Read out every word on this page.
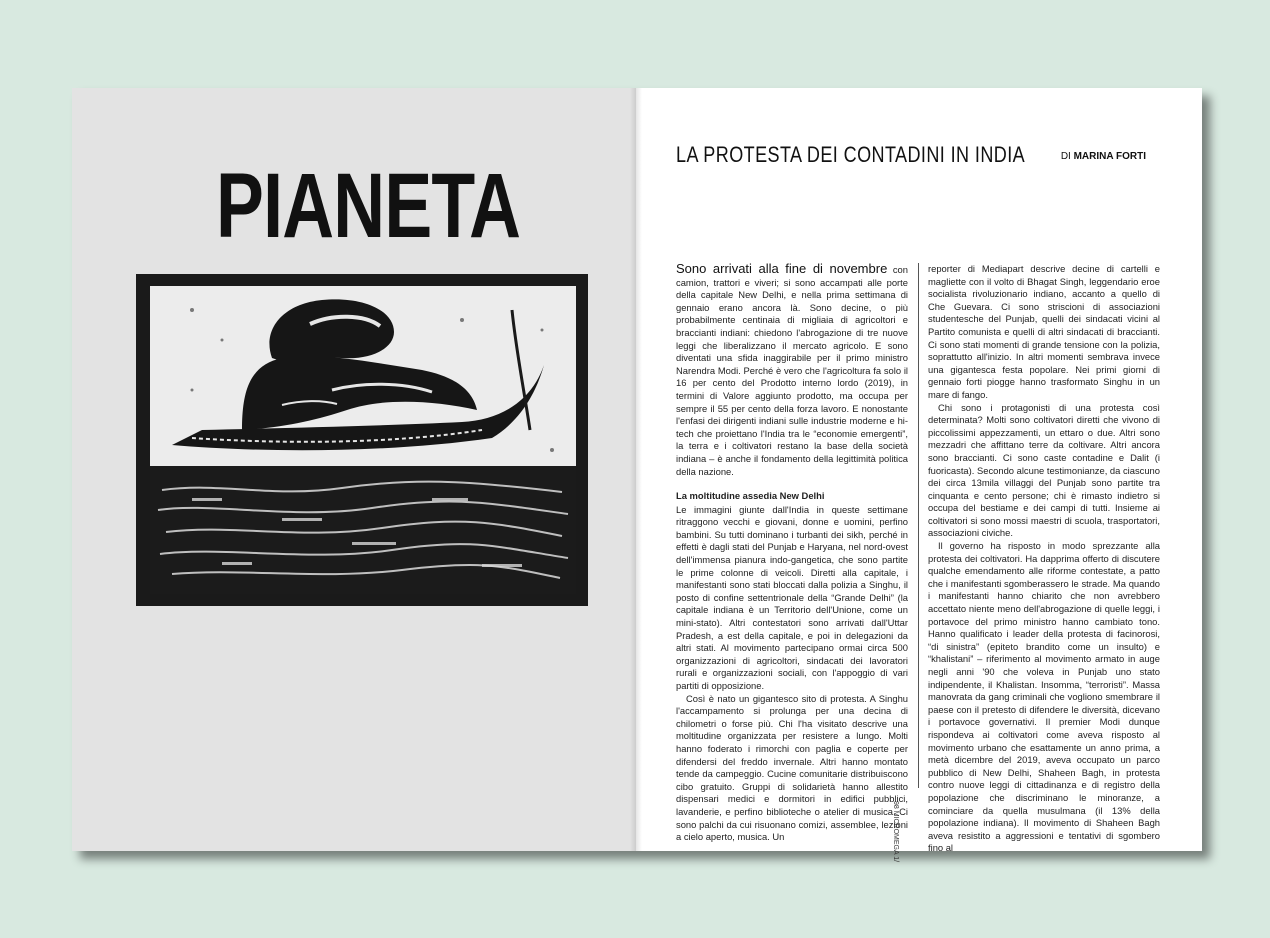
PIANETA
LA PROTESTA DEI CONTADINI IN INDIA	DI MARINA FORTI

Sono arrivati alla fine di novembre con camion, trattori e viveri; si sono accampati alle porte della capitale New Delhi, e nella prima settimana di gennaio erano ancora là. Sono decine, o più probabilmente centinaia di migliaia di agricoltori e braccianti indiani: chiedono l'abrogazione di tre nuove leggi che liberalizzano il mercato agricolo. E sono diventati una sfida inaggirabile per il primo ministro Narendra Modi. Perché è vero che l'agricoltura fa solo il 16 per cento del Prodotto interno lordo (2019), in termini di Valore aggiunto prodotto, ma occupa per sempre il 55 per cento della forza lavoro. E nonostante l'enfasi dei dirigenti indiani sulle industrie moderne e hi-tech che proiettano l'India tra le “economie emergenti”, la terra e i coltivatori restano la base della società indiana – è anche il fondamento della legittimità politica della nazione.

La moltitudine assedia New Delhi

Le immagini giunte dall'India in queste settimane ritraggono vecchi e giovani, donne e uomini, perfino bambini. Su tutti dominano i turbanti dei sikh, perché in effetti è dagli stati del Punjab e Haryana, nel nord-ovest dell'immensa pianura indo-gangetica, che sono partite le prime colonne di veicoli. Diretti alla capitale, i manifestanti sono stati bloccati dalla polizia a Singhu, il posto di confine settentrionale della “Grande Delhi” (la capitale indiana è un Territorio dell'Unione, come un mini-stato). Altri contestatori sono arrivati dall'Uttar Pradesh, a est della capitale, e poi in delegazioni da altri stati. Al movimento partecipano ormai circa 500 organizzazioni di agricoltori, sindacati dei lavoratori rurali e organizzazioni sociali, con l'appoggio di vari partiti di opposizione.

Così è nato un gigantesco sito di protesta. A Singhu l'accampamento si prolunga per una decina di chilometri o forse più. Chi l'ha visitato descrive una moltitudine organizzata per resistere a lungo. Molti hanno foderato i rimorchi con paglia e coperte per difendersi del freddo invernale. Altri hanno montato tende da campeggio. Cucine comunitarie distribuiscono cibo gratuito. Gruppi di solidarietà hanno allestito dispensari medici e dormitori in edifici pubblici, lavanderie, e perfino biblioteche o atelier di musica. Ci sono palchi da cui risuonano comizi, assemblee, lezioni a cielo aperto, musica. Un

reporter di Mediapart descrive decine di cartelli e magliette con il volto di Bhagat Singh, leggendario eroe socialista rivoluzionario indiano, accanto a quello di Che Guevara. Ci sono striscioni di associazioni studentesche del Punjab, quelli dei sindacati vicini al Partito comunista e quelli di altri sindacati di braccianti. Ci sono stati momenti di grande tensione con la polizia, soprattutto all'inizio. In altri momenti sembrava invece una gigantesca festa popolare. Nei primi giorni di gennaio forti piogge hanno trasformato Singhu in un mare di fango.

Chi sono i protagonisti di una protesta così determinata? Molti sono coltivatori diretti che vivono di piccolissimi appezzamenti, un ettaro o due. Altri sono mezzadri che affittano terre da coltivare. Altri ancora sono braccianti. Ci sono caste contadine e Dalit (i fuoricasta). Secondo alcune testimonianze, da ciascuno dei circa 13mila villaggi del Punjab sono partite tra cinquanta e cento persone; chi è rimasto indietro si occupa del bestiame e dei campi di tutti. Insieme ai coltivatori si sono mossi maestri di scuola, trasportatori, associazioni civiche.

Il governo ha risposto in modo sprezzante alla protesta dei coltivatori. Ha dapprima offerto di discutere qualche emendamento alle riforme contestate, a patto che i manifestanti sgomberassero le strade. Ma quando i manifestanti hanno chiarito che non avrebbero accettato niente meno dell'abrogazione di quelle leggi, i portavoce del primo ministro hanno cambiato tono. Hanno qualificato i leader della protesta di facinorosi, “di sinistra” (epiteto brandito come un insulto) e “khalistani” – riferimento al movimento armato in auge negli anni '90 che voleva in Punjab uno stato indipendente, il Khalistan. Insomma, “terroristi”. Massa manovrata da gang criminali che vogliono smembrare il paese con il pretesto di difendere le diversità, dicevano i portavoce governativi. Il premier Modi dunque rispondeva ai coltivatori come aveva risposto al movimento urbano che esattamente un anno prima, a metà dicembre del 2019, aveva occupato un parco pubblico di New Delhi, Shaheen Bagh, in protesta contro nuove leggi di cittadinanza e di registro della popolazione che discriminano le minoranze, a cominciare da quella musulmana (il 13% della popolazione indiana). Il movimento di Shaheen Bagh aveva resistito a aggressioni e tentativi di sgombero fino al

98 MICROMEGA 1/
